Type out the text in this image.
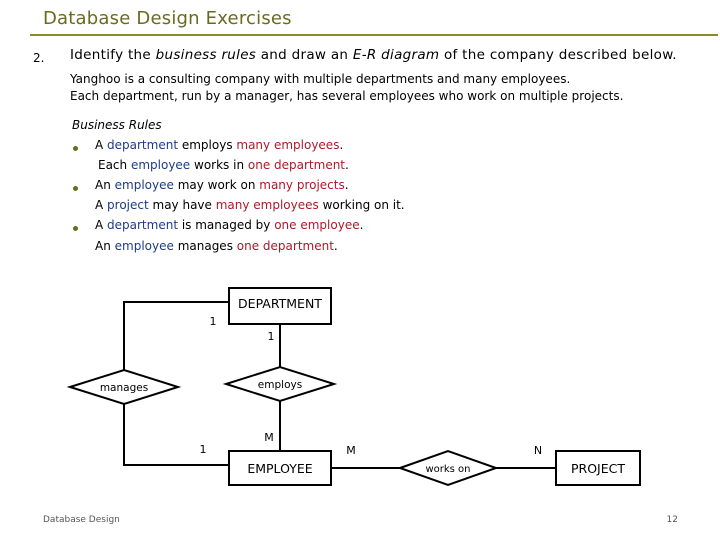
Database Design Exercises
2. Identify the business rules and draw an E-R diagram of the company described below.
Yanghoo is a consulting company with multiple departments and many employees.
Each department, run by a manager, has several employees who work on multiple projects.
Business Rules
A department employs many employees.
Each employee works in one department.
An employee may work on many projects.
A project may have many employees working on it.
A department is managed by one employee.
An employee manages one department.
DEPARTMENT
EMPLOYEE	PROJECT
manages	employs
works on
1
1
1
M
M	N
Database Design	12
